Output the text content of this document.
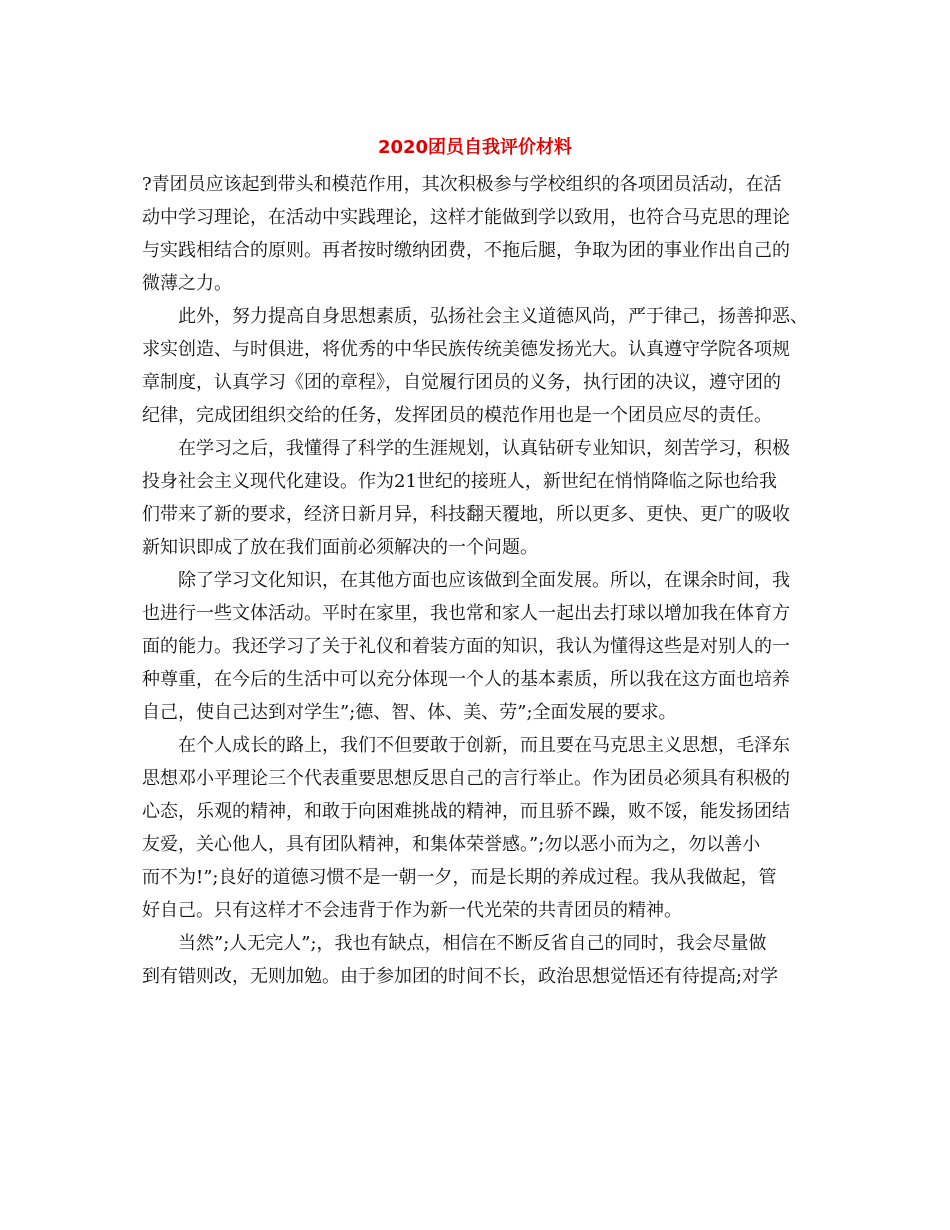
2020团员自我评价材料
?青团员应该起到带头和模范作用，其次积极参与学校组织的各项团员活动，在活
动中学习理论，在活动中实践理论，这样才能做到学以致用，也符合马克思的理论
与实践相结合的原则。再者按时缴纳团费，不拖后腿，争取为团的事业作出自己的
微薄之力。
此外，努力提高自身思想素质，弘扬社会主义道德风尚，严于律己，扬善抑恶、
求实创造、与时俱进，将优秀的中华民族传统美德发扬光大。认真遵守学院各项规
章制度，认真学习《团的章程》，自觉履行团员的义务，执行团的决议，遵守团的
纪律，完成团组织交给的任务，发挥团员的模范作用也是一个团员应尽的责任。
在学习之后，我懂得了科学的生涯规划，认真钻研专业知识，刻苦学习，积极
投身社会主义现代化建设。作为21世纪的接班人，新世纪在悄悄降临之际也给我
们带来了新的要求，经济日新月异，科技翻天覆地，所以更多、更快、更广的吸收
新知识即成了放在我们面前必须解决的一个问题。
除了学习文化知识，在其他方面也应该做到全面发展。所以，在课余时间，我
也进行一些文体活动。平时在家里，我也常和家人一起出去打球以增加我在体育方
面的能力。我还学习了关于礼仪和着装方面的知识，我认为懂得这些是对别人的一
种尊重，在今后的生活中可以充分体现一个人的基本素质，所以我在这方面也培养
自己，使自己达到对学生”;德、智、体、美、劳”;全面发展的要求。
在个人成长的路上，我们不但要敢于创新，而且要在马克思主义思想，毛泽东
思想邓小平理论三个代表重要思想反思自己的言行举止。作为团员必须具有积极的
心态，乐观的精神，和敢于向困难挑战的精神，而且骄不躁，败不馁，能发扬团结
友爱，关心他人，具有团队精神，和集体荣誉感。”;勿以恶小而为之，勿以善小
而不为!”;良好的道德习惯不是一朝一夕，而是长期的养成过程。我从我做起，管
好自己。只有这样才不会违背于作为新一代光荣的共青团员的精神。
当然”;人无完人”;，我也有缺点，相信在不断反省自己的同时，我会尽量做
到有错则改，无则加勉。由于参加团的时间不长，政治思想觉悟还有待提高;对学
